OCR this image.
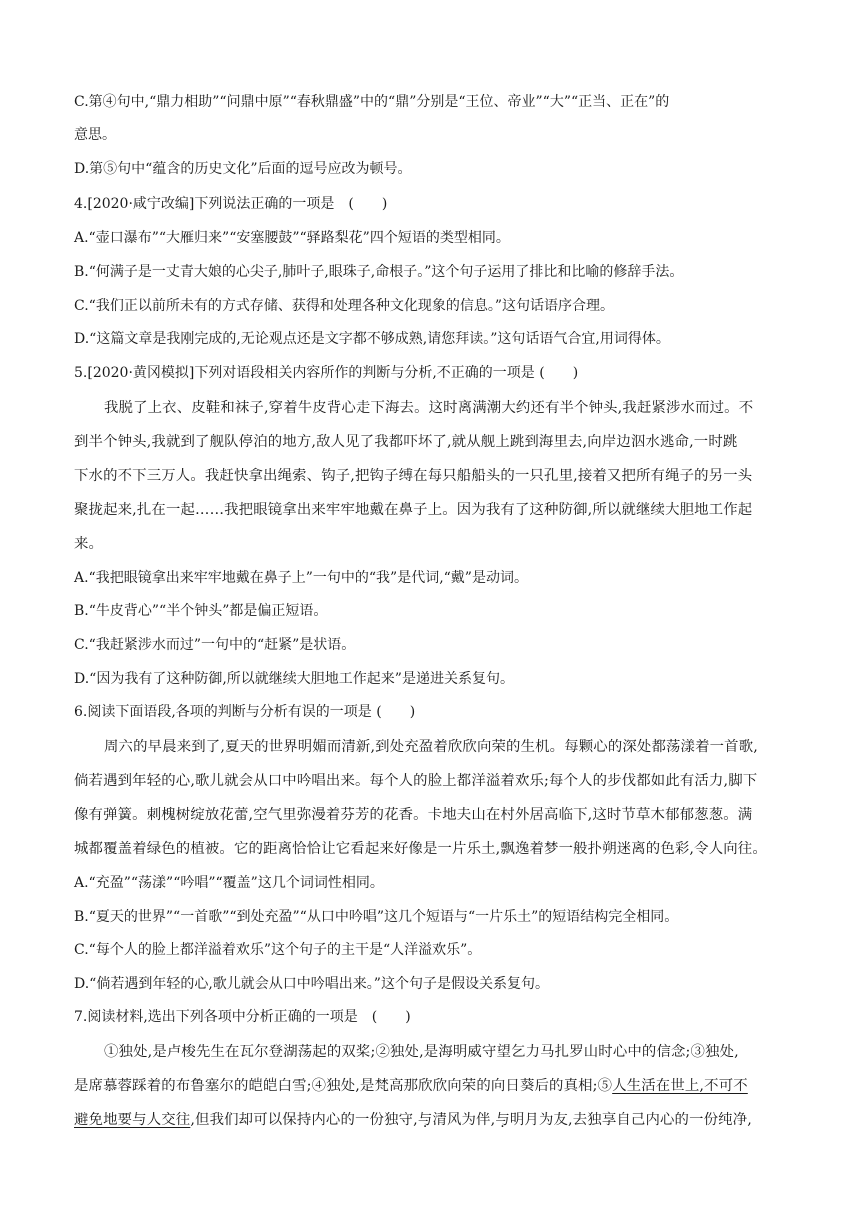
C.第④句中,“鼎力相助”“问鼎中原”“春秋鼎盛”中的“鼎”分别是“王位、帝业”“大”“正当、正在”的
意思。
D.第⑤句中“蕴含的历史文化”后面的逗号应改为顿号。
4.[2020·咸宁改编]下列说法正确的一项是　(　　)
A.“壶口瀑布”“大雁归来”“安塞腰鼓”“驿路梨花”四个短语的类型相同。
B.“何满子是一丈青大娘的心尖子,肺叶子,眼珠子,命根子。”这个句子运用了排比和比喻的修辞手法。
C.“我们正以前所未有的方式存储、获得和处理各种文化现象的信息。”这句话语序合理。
D.“这篇文章是我刚完成的,无论观点还是文字都不够成熟,请您拜读。”这句话语气合宜,用词得体。
5.[2020·黄冈模拟]下列对语段相关内容所作的判断与分析,不正确的一项是 (　　)
我脱了上衣、皮鞋和袜子,穿着牛皮背心走下海去。这时离满潮大约还有半个钟头,我赶紧涉水而过。不
到半个钟头,我就到了舰队停泊的地方,敌人见了我都吓坏了,就从舰上跳到海里去,向岸边泅水逃命,一时跳
下水的不下三万人。我赶快拿出绳索、钩子,把钩子缚在每只船船头的一只孔里,接着又把所有绳子的另一头
聚拢起来,扎在一起……我把眼镜拿出来牢牢地戴在鼻子上。因为我有了这种防御,所以就继续大胆地工作起
来。
A.“我把眼镜拿出来牢牢地戴在鼻子上”一句中的“我”是代词,“戴”是动词。
B.“牛皮背心”“半个钟头”都是偏正短语。
C.“我赶紧涉水而过”一句中的“赶紧”是状语。
D.“因为我有了这种防御,所以就继续大胆地工作起来”是递进关系复句。
6.阅读下面语段,各项的判断与分析有误的一项是 (　　)
周六的早晨来到了,夏天的世界明媚而清新,到处充盈着欣欣向荣的生机。每颗心的深处都荡漾着一首歌,
倘若遇到年轻的心,歌儿就会从口中吟唱出来。每个人的脸上都洋溢着欢乐;每个人的步伐都如此有活力,脚下
像有弹簧。刺槐树绽放花蕾,空气里弥漫着芬芳的花香。卡地夫山在村外居高临下,这时节草木郁郁葱葱。满
城都覆盖着绿色的植被。它的距离恰恰让它看起来好像是一片乐土,飘逸着梦一般扑朔迷离的色彩,令人向往。
A.“充盈”“荡漾”“吟唱”“覆盖”这几个词词性相同。
B.“夏天的世界”“一首歌”“到处充盈”“从口中吟唱”这几个短语与“一片乐土”的短语结构完全相同。
C.“每个人的脸上都洋溢着欢乐”这个句子的主干是“人洋溢欢乐”。
D.“倘若遇到年轻的心,歌儿就会从口中吟唱出来。”这个句子是假设关系复句。
7.阅读材料,选出下列各项中分析正确的一项是　(　　)
①独处,是卢梭先生在瓦尔登湖荡起的双桨;②独处,是海明威守望乞力马扎罗山时心中的信念;③独处,
是席慕蓉踩着的布鲁塞尔的皑皑白雪;④独处,是梵高那欣欣向荣的向日葵后的真相;⑤人生活在世上,不可不
避免地要与人交往,但我们却可以保持内心的一份独守,与清风为伴,与明月为友,去独享自己内心的一份纯净,
